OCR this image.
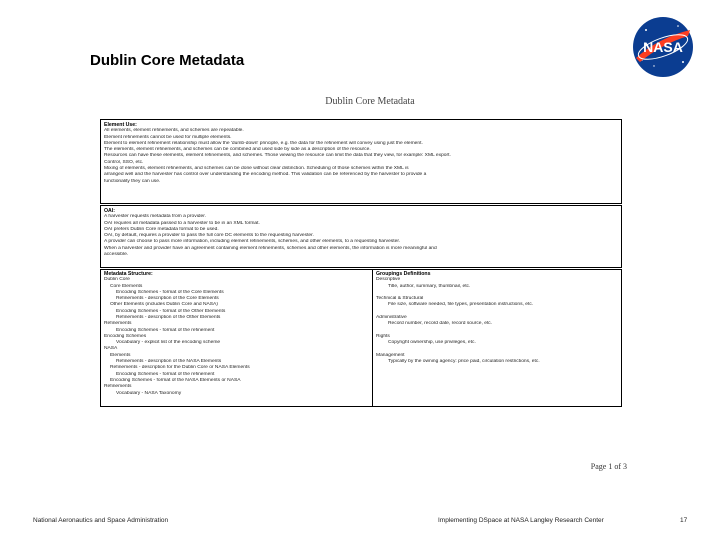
Dublin Core Metadata
NASA
Dublin Core Metadata
Element Use:
All elements, element refinements, and schemes are repeatable.
Element refinements cannot be used for multiple elements.
Element to element refinement relationship must allow the 'dumb-down' principle, e.g. the data for the refinement will convey using just the element.
The elements, element refinements, and schemes can be combined and used side by side as a description of the resource.
Resources can have these elements, element refinements, and schemes. Those viewing the resource can limit the data that they view, for example: XML export.
Control, SSO, etc.
Mixing of elements, element refinements, and schemes can be done without clear distinction. Scheduling of those schemes within the XML is
arranged well and the harvester has control over understanding the encoding method. This validation can be referenced by the harvester to provide a
functionality they can use.
OAI:
A harvester requests metadata from a provider.
OAI requires all metadata passed to a harvester to be in an XML format.
OAI prefers Dublin Core metadata format to be used.
OAI, by default, requires a provider to pass the full core DC elements to the requesting harvester.
A provider can choose to pass more information, including element refinements, schemes, and other elements, to a requesting harvester.
When a harvester and provider have an agreement containing element refinements, schemes and other elements, the information is more meaningful and
accessible.
Metadata Structure:
Dublin Core
Core Elements
Encoding Schemes - format of the Core Elements
Refinements - description of the Core Elements
Other Elements (includes Dublin Core and NASA)
Encoding Schemes - format of the Other Elements
Refinements - description of the Other Elements
Refinements
Encoding Schemes - format of the refinement
Encoding Schemes
Vocabulary - explicit list of the encoding scheme
NASA
Elements
Refinements - description of the NASA Elements
Refinements - description for the Dublin Core or NASA Elements
Encoding Schemes - format of the refinement
Encoding Schemes - format of the NASA Elements or NASA
Refinements
Vocabulary - NASA Taxonomy
Groupings Definitions
Descriptive
Title, author, summary, thumbnail, etc.

Technical & Structural
File size, software needed, file types, presentation instructions, etc.

Administrative
Record number, record date, record source, etc.

Rights
Copyright ownership, use privileges, etc.

Management
Typically by the owning agency: price paid, circulation restrictions, etc.
Page 1 of 3
National Aeronautics and Space Administration	Implementing DSpace at NASA Langley Research Center	17
